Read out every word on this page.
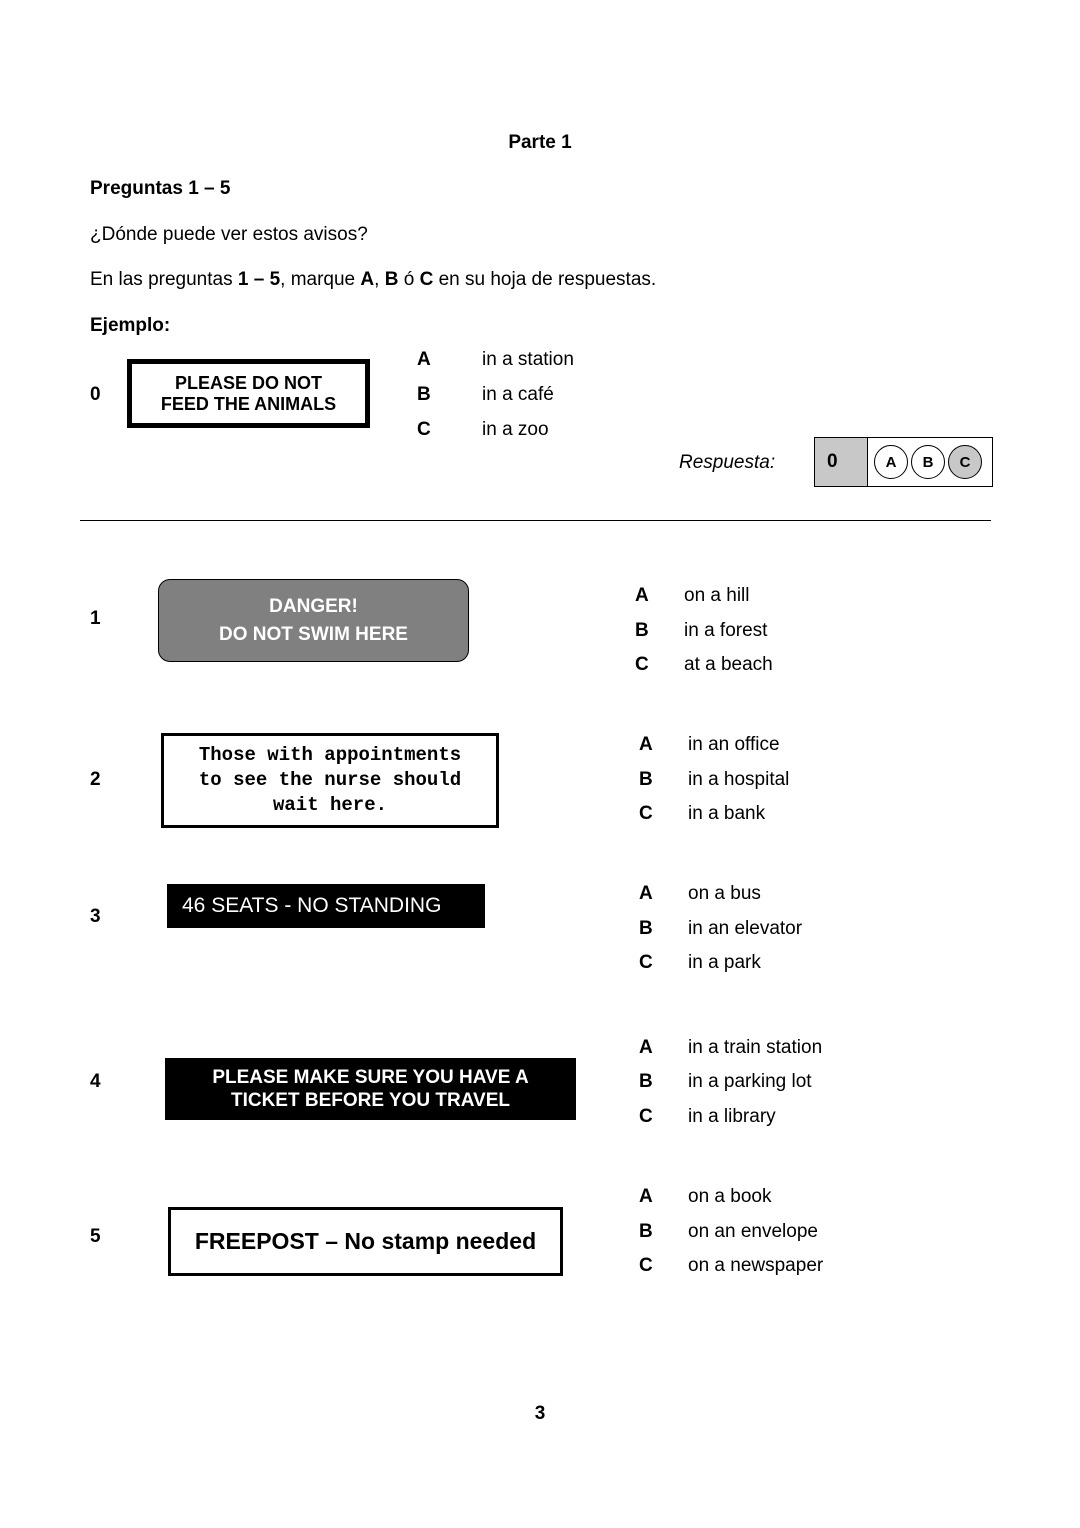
Parte 1
Preguntas 1 – 5
¿Dónde puede ver estos avisos?
En las preguntas 1 – 5, marque A, B ó C en su hoja de respuestas.
Ejemplo:
0
PLEASE DO NOT
FEED THE ANIMALS
A	in a station
B	in a café
C	in a zoo
Respuesta:	0	A	B	C
DANGER!
DO NOT SWIM HERE
Those with appointments
to see the nurse should
wait here.
46 SEATS - NO STANDING
PLEASE MAKE SURE YOU HAVE A
TICKET BEFORE YOU TRAVEL
FREEPOST – No stamp needed
1
A on a hill
B in a forest
C at a beach
2
A in an office
B in a hospital
C in a bank
3
A on a bus
B in an elevator
C in a park
4
A in a train station
B in a parking lot
C in a library
5
A on a book
B on an envelope
C on a newspaper
3
